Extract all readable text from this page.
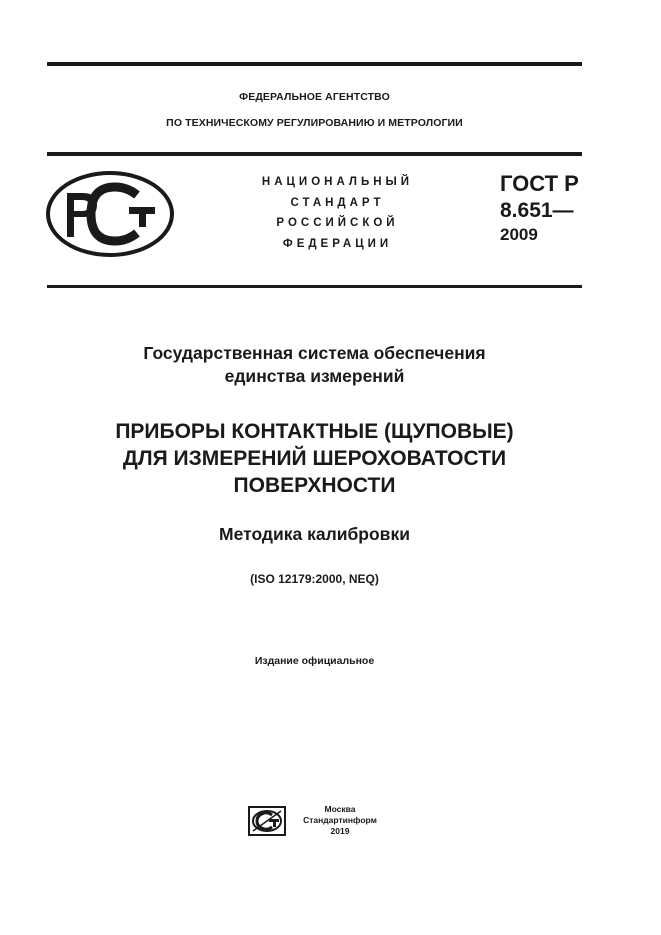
ФЕДЕРАЛЬНОЕ АГЕНТСТВО
ПО ТЕХНИЧЕСКОМУ РЕГУЛИРОВАНИЮ И МЕТРОЛОГИИ
НАЦИОНАЛЬНЫЙ
СТАНДАРТ
РОССИЙСКОЙ
ФЕДЕРАЦИИ
ГОСТ Р
8.651—
2009
Государственная система обеспечения
единства измерений
ПРИБОРЫ КОНТАКТНЫЕ (ЩУПОВЫЕ)
ДЛЯ ИЗМЕРЕНИЙ ШЕРОХОВАТОСТИ
ПОВЕРХНОСТИ
Методика калибровки
(ISO 12179:2000, NEQ)
Издание официальное
Москва
Стандартинформ
2019
